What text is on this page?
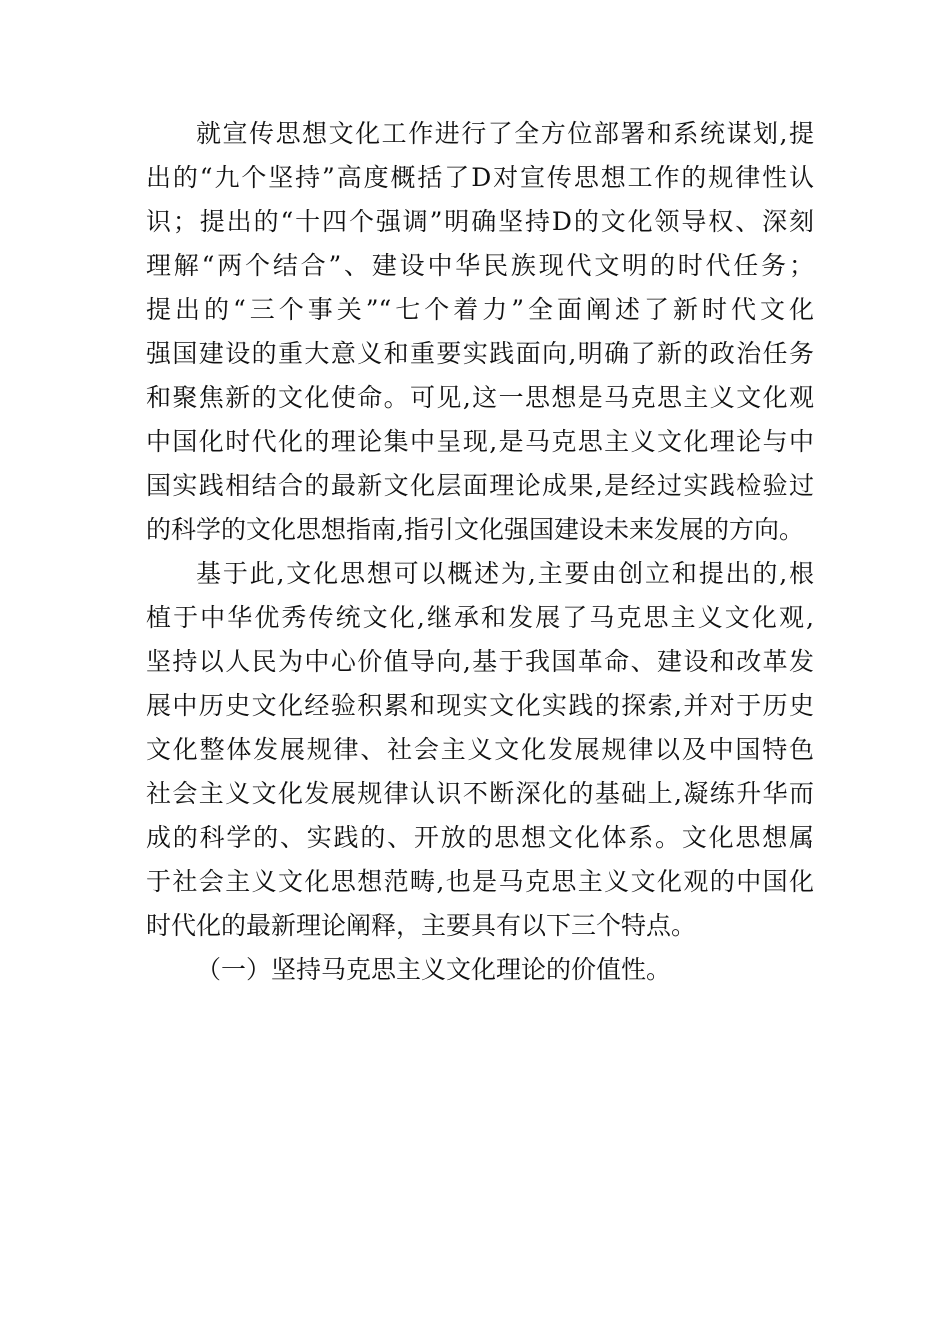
就宣传思想文化工作进行了全方位部署和系统谋划,提
出的“九个坚持”高度概括了D对宣传思想工作的规律性认
识；提出的“十四个强调”明确坚持D的文化领导权、深刻
理解“两个结合”、建设中华民族现代文明的时代任务；
提出的“三个事关”“七个着力”全面阐述了新时代文化
强国建设的重大意义和重要实践面向,明确了新的政治任务
和聚焦新的文化使命。可见,这一思想是马克思主义文化观
中国化时代化的理论集中呈现,是马克思主义文化理论与中
国实践相结合的最新文化层面理论成果,是经过实践检验过
的科学的文化思想指南,指引文化强国建设未来发展的方向。
基于此,文化思想可以概述为,主要由创立和提出的,根
植于中华优秀传统文化,继承和发展了马克思主义文化观,
坚持以人民为中心价值导向,基于我国革命、建设和改革发
展中历史文化经验积累和现实文化实践的探索,并对于历史
文化整体发展规律、社会主义文化发展规律以及中国特色
社会主义文化发展规律认识不断深化的基础上,凝练升华而
成的科学的、实践的、开放的思想文化体系。文化思想属
于社会主义文化思想范畴,也是马克思主义文化观的中国化
时代化的最新理论阐释，主要具有以下三个特点。
（一）坚持马克思主义文化理论的价值性。
